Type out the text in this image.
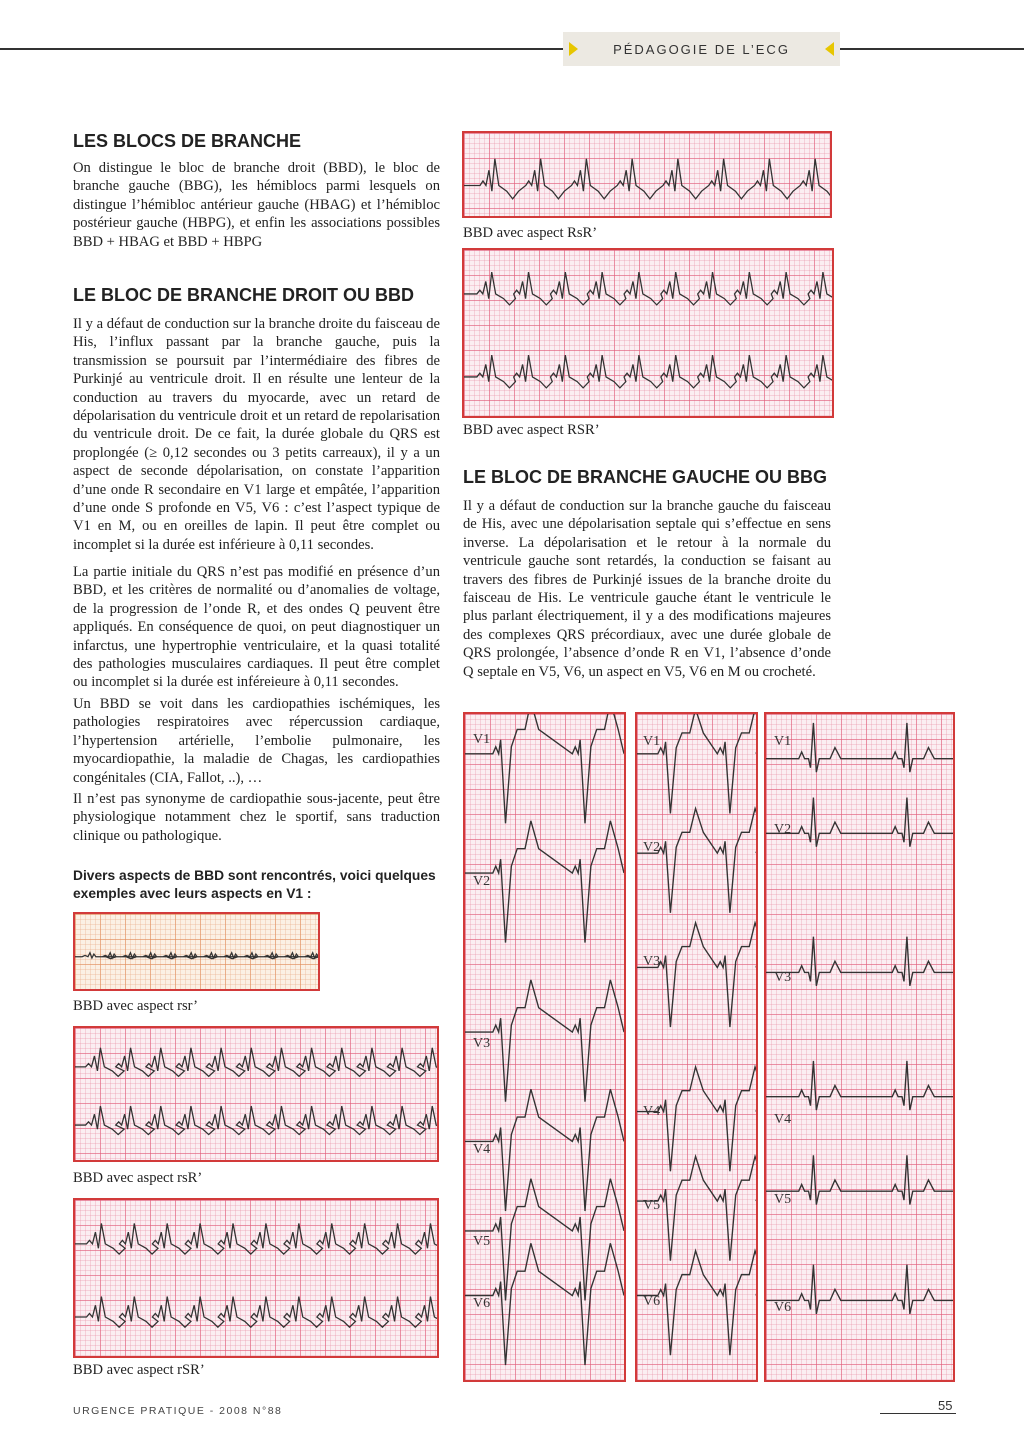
PÉDAGOGIE DE L’ECG
LES BLOCS DE BRANCHE

On distingue le bloc de branche droit (BBD), le bloc de branche gauche (BBG), les hémiblocs parmi lesquels on distingue l’hémibloc antérieur gauche (HBAG) et l’hémibloc postérieur gauche (HBPG), et enfin les associations possibles BBD + HBAG et BBD + HBPG

LE BLOC DE BRANCHE DROIT OU BBD

Il y a défaut de conduction sur la branche droite du faisceau de His, l’influx passant par la branche gauche, puis la transmission se poursuit par l’intermédiaire des fibres de Purkinjé au ventricule droit. Il en résulte une lenteur de la conduction au travers du myocarde, avec un retard de dépolarisation du ventricule droit et un retard de repolarisation du ventricule droit. De ce fait, la durée globale du QRS est proplongée (≥ 0,12 secondes ou 3 petits carreaux), il y a un aspect de seconde dépolarisation, on constate l’apparition d’une onde R secondaire en V1 large et empâtée, l’apparition d’une onde S profonde en V5, V6 : c’est l’aspect typique de V1 en M, ou en oreilles de lapin. Il peut être complet ou incomplet si la durée est inférieure à 0,11 secondes.

La partie initiale du QRS n’est pas modifié en présence d’un BBD, et les critères de normalité ou d’anomalies de voltage, de la progression de l’onde R, et des ondes Q peuvent être appliqués. En conséquence de quoi, on peut diagnostiquer un infarctus, une hypertrophie ventriculaire, et la quasi totalité des pathologies musculaires cardiaques. Il peut être complet ou incomplet si la durée est inféreieure à 0,11 secondes.

Un BBD se voit dans les cardiopathies ischémiques, les pathologies respiratoires avec répercussion cardiaque, l’hypertension artérielle, l’embolie pulmonaire, les myocardiopathie, la maladie de Chagas, les cardiopathies congénitales (CIA, Fallot, ..), …

Il n’est pas synonyme de cardiopathie sous-jacente, peut être physiologique notamment chez le sportif, sans traduction clinique ou pathologique.

Divers aspects de BBD sont rencontrés, voici quelques exemples avec leurs aspects en V1 :

BBD avec aspect rsr’

BBD avec aspect rsR’

BBD avec aspect rSR’

BBD avec aspect RsR’

BBD avec aspect RSR’

LE BLOC DE BRANCHE GAUCHE OU BBG

Il y a défaut de conduction sur la branche gauche du faisceau de His, avec une dépolarisation septale qui s’effectue en sens inverse. La dépolarisation et le retour à la normale du ventricule gauche sont retardés, la conduction se faisant au travers des fibres de Purkinjé issues de la branche droite du faisceau de His. Le ventricule gauche étant le ventricule le plus parlant électriquement, il y a des modifications majeures des complexes QRS précordiaux, avec une durée globale de QRS prolongée, l’absence d’onde R en V1, l’absence d’onde Q septale en V5, V6, un aspect en V5, V6 en M ou crocheté.

V1
V2
V3
V4
V5
V6
V1
V2
V3
V4
V5
V6
V1
V2
V3
V4
V5
V6
URGENCE PRATIQUE - 2008 N°88	55
